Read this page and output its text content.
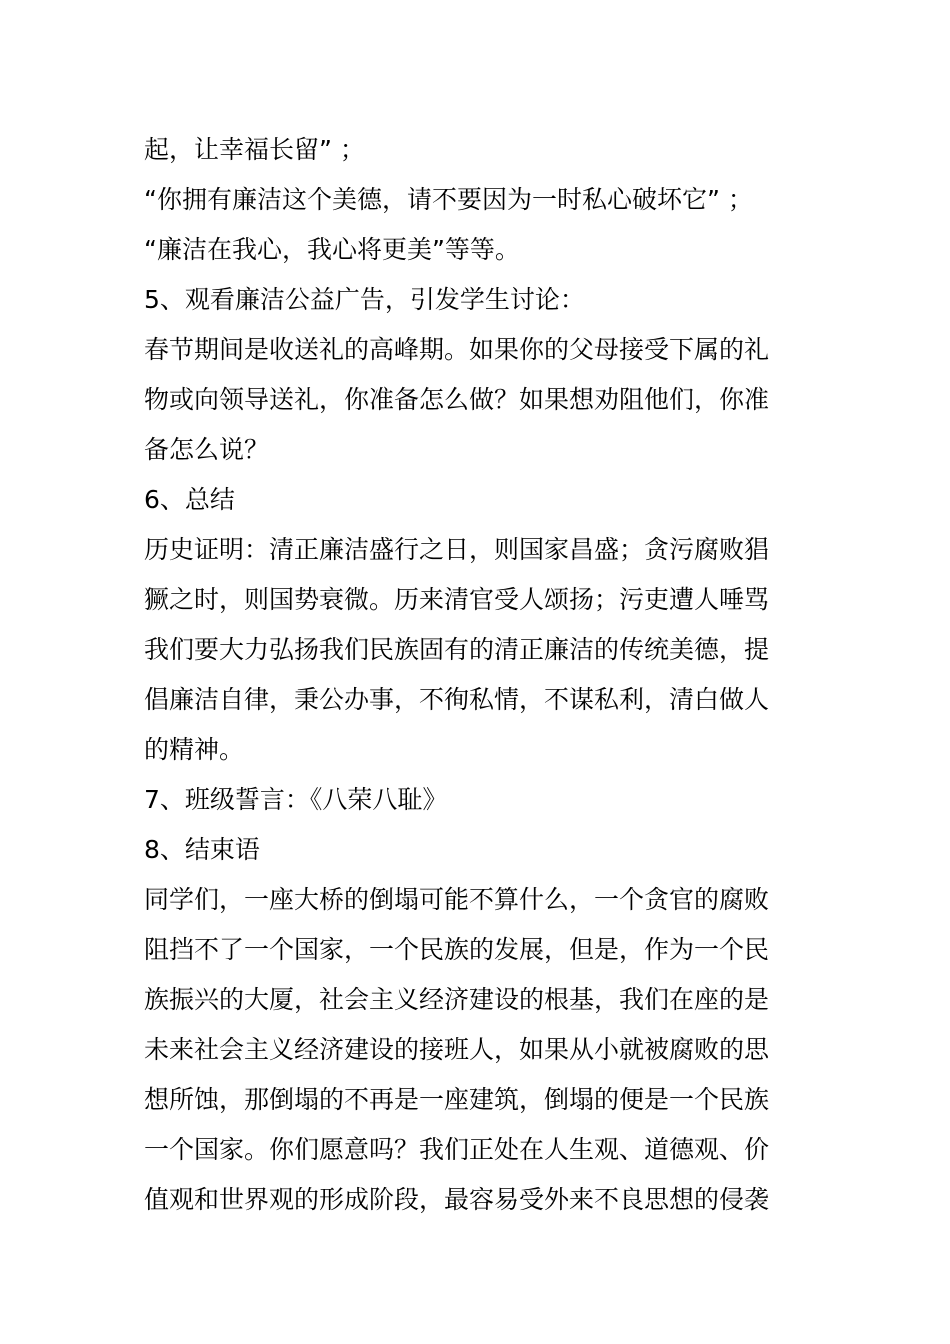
起，让幸福长留” ；

“你拥有廉洁这个美德，请不要因为一时私心破坏它” ；

“廉洁在我心，我心将更美”等等。

5、观看廉洁公益广告，引发学生讨论：

春节期间是收送礼的高峰期。如果你的父母接受下属的礼

物或向领导送礼，你准备怎么做？如果想劝阻他们，你准

备怎么说？

6、总结

历史证明：清正廉洁盛行之日，则国家昌盛；贪污腐败猖

獗之时，则国势衰微。历来清官受人颂扬；污吏遭人唾骂

我们要大力弘扬我们民族固有的清正廉洁的传统美德，提

倡廉洁自律，秉公办事，不徇私情，不谋私利，清白做人

的精神。

7、班级誓言：《八荣八耻》

8、结束语

同学们，一座大桥的倒塌可能不算什么，一个贪官的腐败

阻挡不了一个国家，一个民族的发展，但是，作为一个民

族振兴的大厦，社会主义经济建设的根基，我们在座的是

未来社会主义经济建设的接班人，如果从小就被腐败的思

想所蚀，那倒塌的不再是一座建筑，倒塌的便是一个民族

一个国家。你们愿意吗？我们正处在人生观、道德观、价

值观和世界观的形成阶段，最容易受外来不良思想的侵袭
